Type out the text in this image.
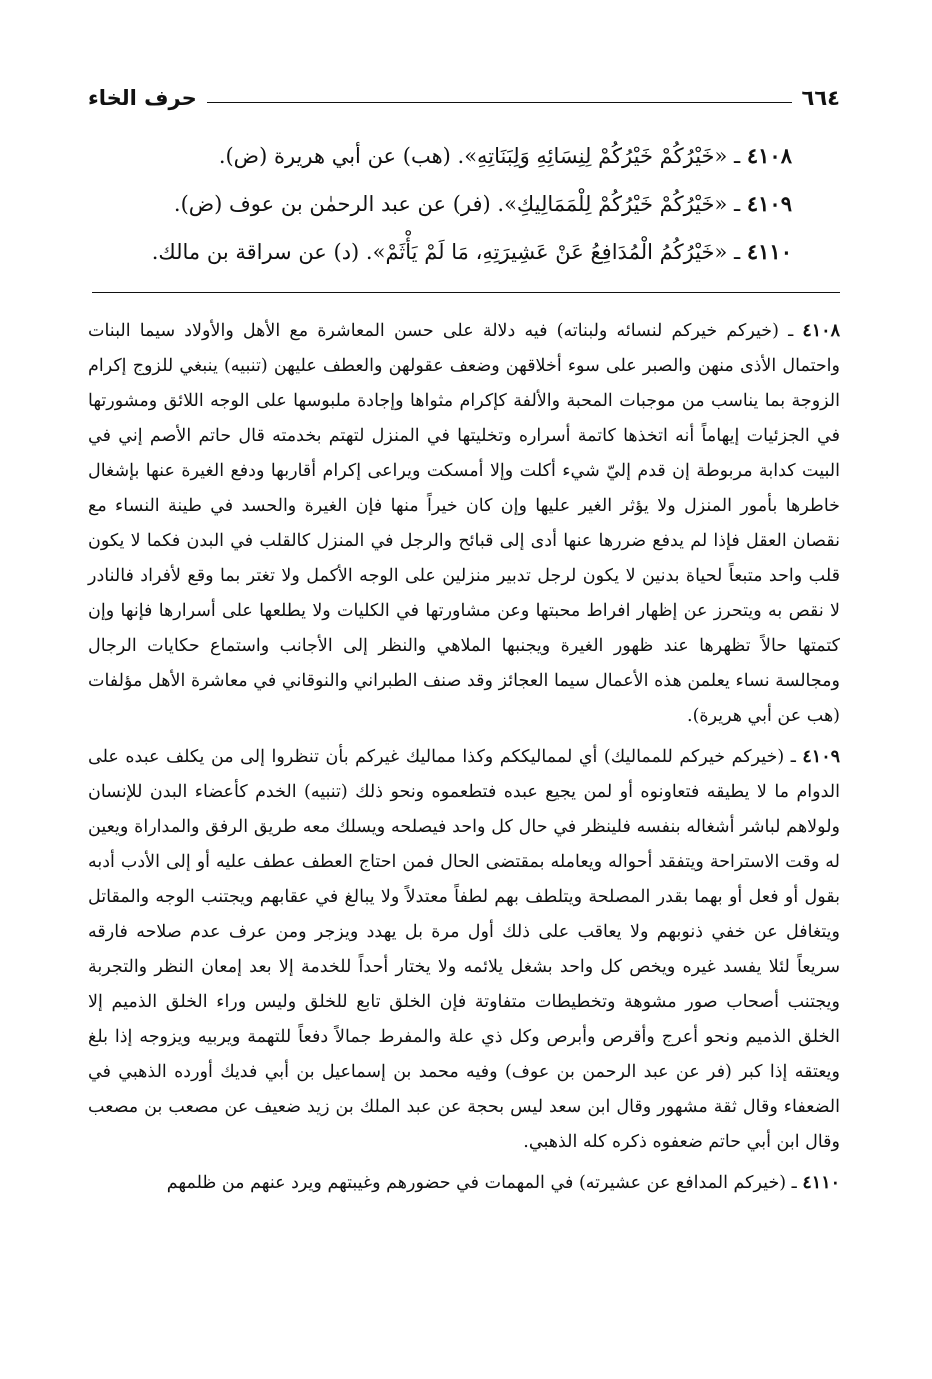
٦٦٤
حرف الخاء
٤١٠٨ ـ «خَيْرُكُمْ خَيْرُكُمْ لِنِسَائِهِ وَلِبَنَاتِهِ». (هب) عن أبي هريرة (ض).
٤١٠٩ ـ «خَيْرُكُمْ خَيْرُكُمْ لِلْمَمَالِيكِ». (فر) عن عبد الرحمٰن بن عوف (ض).
٤١١٠ ـ «خَيْرُكُمُ الْمُدَافِعُ عَنْ عَشِيرَتِهِ، مَا لَمْ يَأْثَمْ». (د) عن سراقة بن مالك.

٤١٠٨ ـ (خيركم خيركم لنسائه ولبناته) فيه دلالة على حسن المعاشرة مع الأهل والأولاد سيما البنات واحتمال الأذى منهن والصبر على سوء أخلاقهن وضعف عقولهن والعطف عليهن (تنبيه) ينبغي للزوج إكرام الزوجة بما يناسب من موجبات المحبة والألفة كإكرام مثواها وإجادة ملبوسها على الوجه اللائق ومشورتها في الجزئيات إيهاماً أنه اتخذها كاتمة أسراره وتخليتها في المنزل لتهتم بخدمته قال حاتم الأصم إني في البيت كدابة مربوطة إن قدم إليّ شيء أكلت وإلا أمسكت ويراعى إكرام أقاربها ودفع الغيرة عنها بإشغال خاطرها بأمور المنزل ولا يؤثر الغير عليها وإن كان خيراً منها فإن الغيرة والحسد في طينة النساء مع نقصان العقل فإذا لم يدفع ضررها عنها أدى إلى قبائح والرجل في المنزل كالقلب في البدن فكما لا يكون قلب واحد متبعاً لحياة بدنين لا يكون لرجل تدبير منزلين على الوجه الأكمل ولا تغتر بما وقع لأفراد فالنادر لا نقص به ويتحرز عن إظهار افراط محبتها وعن مشاورتها في الكليات ولا يطلعها على أسرارها فإنها وإن كتمتها حالاً تظهرها عند ظهور الغيرة ويجنبها الملاهي والنظر إلى الأجانب واستماع حكايات الرجال ومجالسة نساء يعلمن هذه الأعمال سيما العجائز وقد صنف الطبراني والنوقاني في معاشرة الأهل مؤلفات (هب عن أبي هريرة).

٤١٠٩ ـ (خيركم خيركم للمماليك) أي لمماليككم وكذا مماليك غيركم بأن تنظروا إلى من يكلف عبده على الدوام ما لا يطيقه فتعاونوه أو لمن يجيع عبده فتطعموه ونحو ذلك (تنبيه) الخدم كأعضاء البدن للإنسان ولولاهم لباشر أشغاله بنفسه فلينظر في حال كل واحد فيصلحه ويسلك معه طريق الرفق والمداراة ويعين له وقت الاستراحة ويتفقد أحواله ويعامله بمقتضى الحال فمن احتاج العطف عطف عليه أو إلى الأدب أدبه بقول أو فعل أو بهما بقدر المصلحة ويتلطف بهم لطفاً معتدلاً ولا يبالغ في عقابهم ويجتنب الوجه والمقاتل ويتغافل عن خفي ذنوبهم ولا يعاقب على ذلك أول مرة بل يهدد ويزجر ومن عرف عدم صلاحه فارقه سريعاً لئلا يفسد غيره ويخص كل واحد بشغل يلائمه ولا يختار أحداً للخدمة إلا بعد إمعان النظر والتجربة ويجتنب أصحاب صور مشوهة وتخطيطات متفاوتة فإن الخلق تابع للخلق وليس وراء الخلق الذميم إلا الخلق الذميم ونحو أعرج وأقرص وأبرص وكل ذي علة والمفرط جمالاً دفعاً للتهمة ويربيه ويزوجه إذا بلغ ويعتقه إذا كبر (فر عن عبد الرحمن بن عوف) وفيه محمد بن إسماعيل بن أبي فديك أورده الذهبي في الضعفاء وقال ثقة مشهور وقال ابن سعد ليس بحجة عن عبد الملك بن زيد ضعيف عن مصعب بن مصعب وقال ابن أبي حاتم ضعفوه ذكره كله الذهبي.

٤١١٠ ـ (خيركم المدافع عن عشيرته) في المهمات في حضورهم وغيبتهم ويرد عنهم من ظلمهم
